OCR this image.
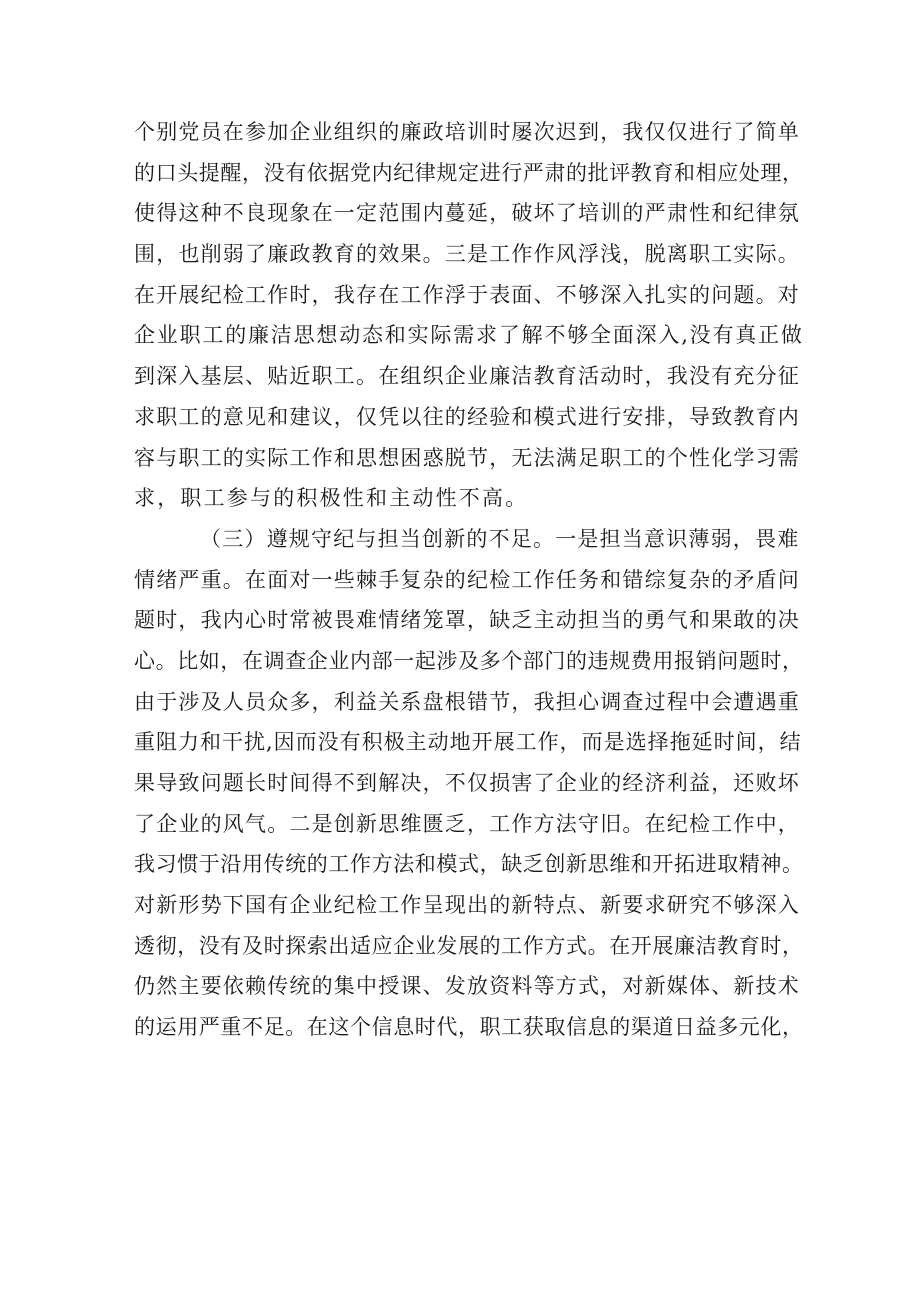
个别党员在参加企业组织的廉政培训时屡次迟到，我仅仅进行了简单
的口头提醒，没有依据党内纪律规定进行严肃的批评教育和相应处理，
使得这种不良现象在一定范围内蔓延，破坏了培训的严肃性和纪律氛
围，也削弱了廉政教育的效果。三是工作作风浮浅，脱离职工实际。
在开展纪检工作时，我存在工作浮于表面、不够深入扎实的问题。对
企业职工的廉洁思想动态和实际需求了解不够全面深入,没有真正做
到深入基层、贴近职工。在组织企业廉洁教育活动时，我没有充分征
求职工的意见和建议，仅凭以往的经验和模式进行安排，导致教育内
容与职工的实际工作和思想困惑脱节，无法满足职工的个性化学习需
求，职工参与的积极性和主动性不高。
（三）遵规守纪与担当创新的不足。一是担当意识薄弱，畏难
情绪严重。在面对一些棘手复杂的纪检工作任务和错综复杂的矛盾问
题时，我内心时常被畏难情绪笼罩，缺乏主动担当的勇气和果敢的决
心。比如，在调查企业内部一起涉及多个部门的违规费用报销问题时，
由于涉及人员众多，利益关系盘根错节，我担心调查过程中会遭遇重
重阻力和干扰,因而没有积极主动地开展工作，而是选择拖延时间，结
果导致问题长时间得不到解决，不仅损害了企业的经济利益，还败坏
了企业的风气。二是创新思维匮乏，工作方法守旧。在纪检工作中，
我习惯于沿用传统的工作方法和模式，缺乏创新思维和开拓进取精神。
对新形势下国有企业纪检工作呈现出的新特点、新要求研究不够深入
透彻，没有及时探索出适应企业发展的工作方式。在开展廉洁教育时，
仍然主要依赖传统的集中授课、发放资料等方式，对新媒体、新技术
的运用严重不足。在这个信息时代，职工获取信息的渠道日益多元化，
